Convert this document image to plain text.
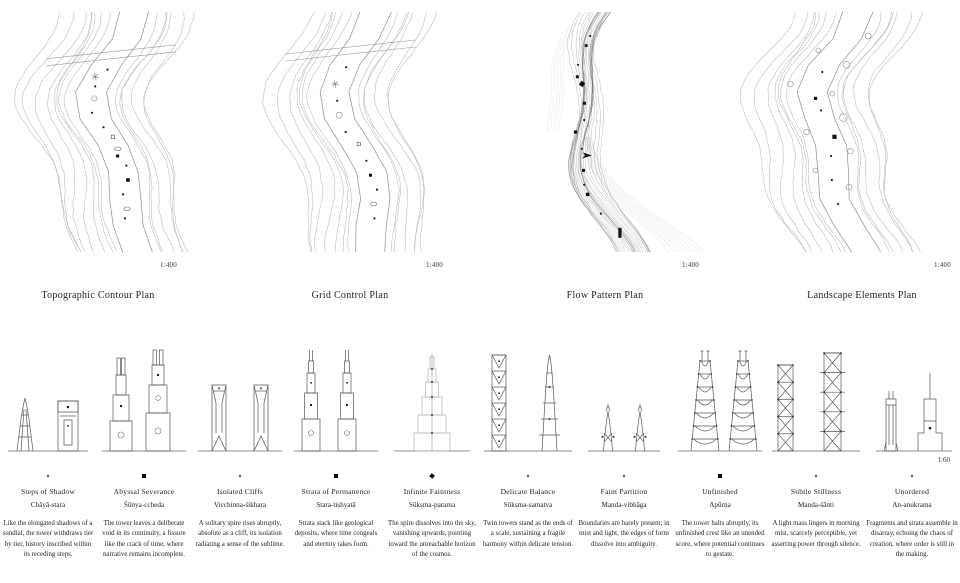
1:400
Topographic Contour Plan
1:400
Grid Control Plan
1:400
Flow Pattern Plan
1:400
Landscape Elements Plan
Steps of Shadow
Chāyā-stara
Like the elongated shadows of a sundial, the tower withdraws tier by tier, history inscribed within its receding steps.
Abyssal Severance
Śūnya-ccheda
The tower leaves a deliberate void in its continuity, a fissure like the crack of time, where narrative remains incomplete.
Isolated Cliffs
Vicchinna-śikhara
A solitary spire rises abruptly, absolute as a cliff, its isolation radiating a sense of the sublime.
Strata of Permanence
Stara-tiṣhyatā
Strata stack like geological deposits, where time congeals and eternity takes form.
Infinite Faintness
Sūkṣma-parama
The spire dissolves into the sky, vanishing upwards, pointing toward the unreachable horizon of the cosmos.
Delicate Balance
Sūkṣma-samatva
Twin towers stand as the ends of a scale, sustaining a fragile harmony within delicate tension.
Faint Partition
Manda-vibhāga
Boundaries are barely present; in mist and light, the edges of form dissolve into ambiguity.
Unfinished
Apūrṇa
The tower halts abruptly, its unfinished crest like an unended score, where potential continues to gestate.
Subtle Stillness
Manda-śānti
A light mass lingers in morning mist, scarcely perceptible, yet asserting power through silence.
Unordered
An-anukrama
Fragments and strata assemble in disarray, echoing the chaos of creation, where order is still in the making.
1:60
